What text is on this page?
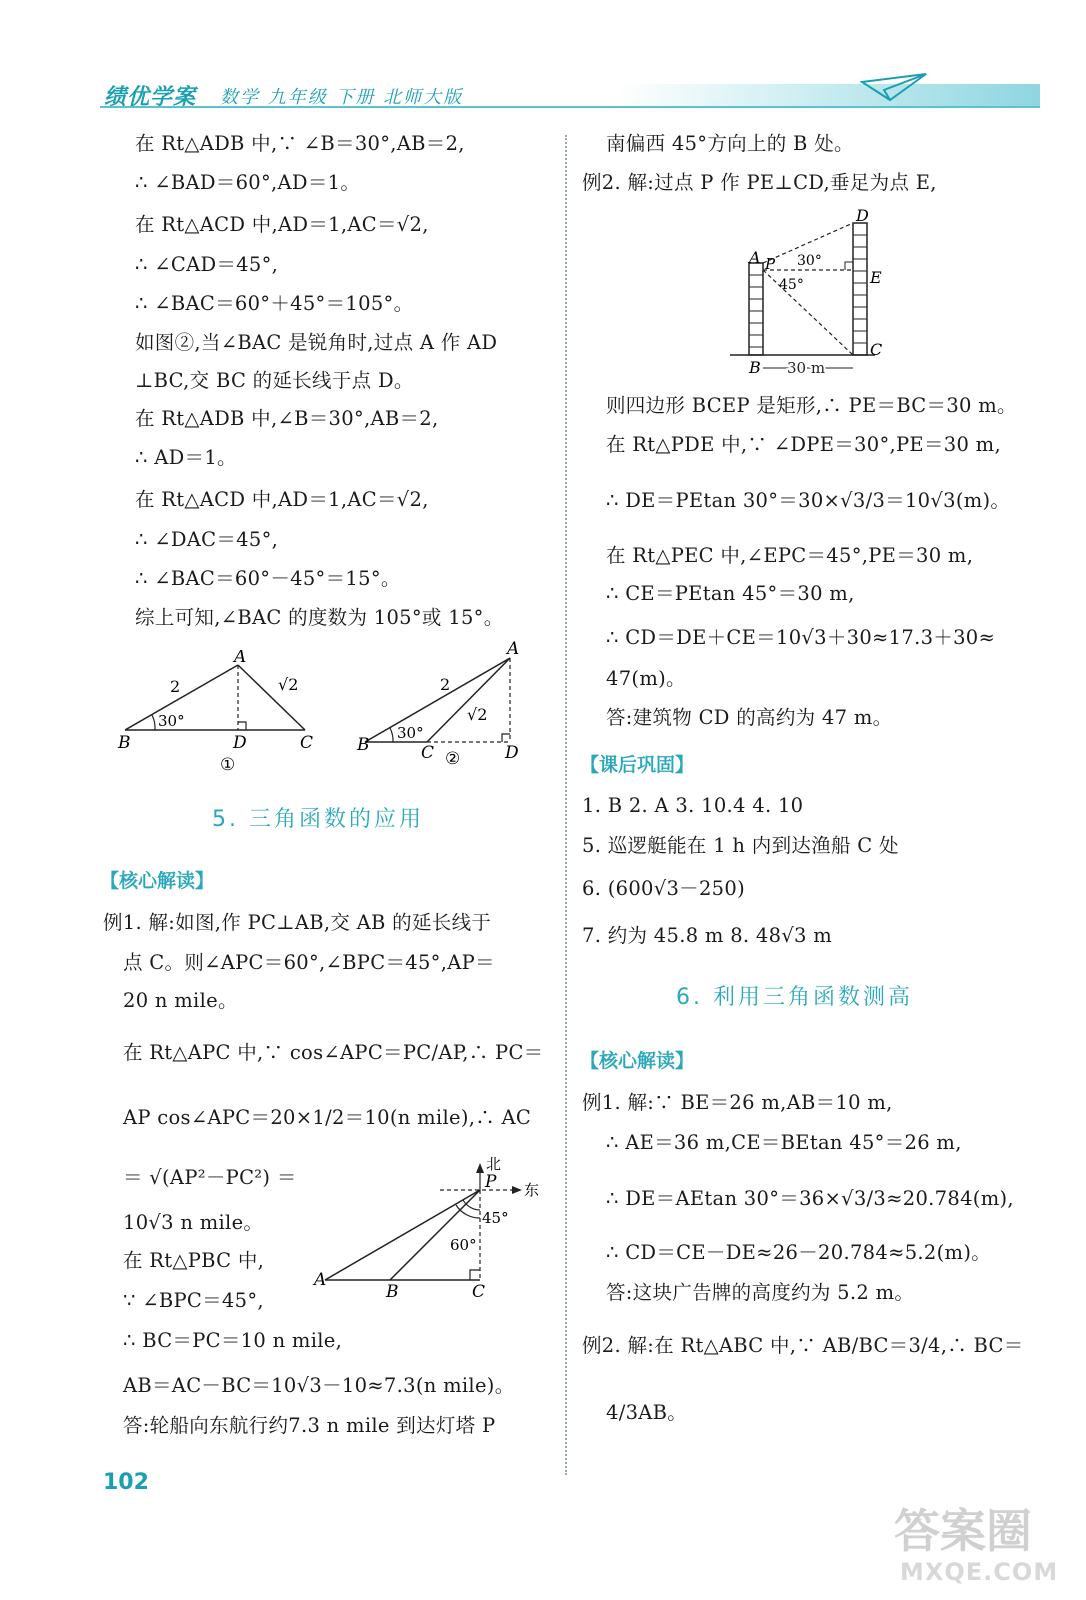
绩优学案 数学 九年级 下册 北师大版
在 Rt△ADB 中,∵ ∠B＝30°,AB＝2,
∴ ∠BAD＝60°,AD＝1。
在 Rt△ACD 中,AD＝1,AC＝√2,
∴ ∠CAD＝45°,
∴ ∠BAC＝60°＋45°＝105°。
如图②,当∠BAC 是锐角时,过点 A 作 AD
⊥BC,交 BC 的延长线于点 D。
在 Rt△ADB 中,∠B＝30°,AB＝2,
∴ AD＝1。
在 Rt△ACD 中,AD＝1,AC＝√2,
∴ ∠DAC＝45°,
∴ ∠BAC＝60°－45°＝15°。
综上可知,∠BAC 的度数为 105°或 15°。
A
B	C
D
2	√2
30°
①
A
B	C	D
2
√2
30°
②
5. 三角函数的应用
【核心解读】
例1. 解:如图,作 PC⊥AB,交 AB 的延长线于
点 C。则∠APC＝60°,∠BPC＝45°,AP＝
20 n mile。
在 Rt△APC 中,∵ cos∠APC＝PC/AP,∴ PC＝
AP cos∠APC＝20×1/2＝10(n mile),∴ AC
＝ √(AP²－PC²) ＝
10√3 n mile。
在 Rt△PBC 中,
∵ ∠BPC＝45°,
∴ BC＝PC＝10 n mile,
AB＝AC－BC＝10√3－10≈7.3(n mile)。
答:轮船向东航行约7.3 n mile 到达灯塔 P
北
东
P
A
B	C
60°
45°
南偏西 45°方向上的 B 处。
例2. 解:过点 P 作 PE⊥CD,垂足为点 E,
A P
D
E
C
B
30°
45°
30 m
则四边形 BCEP 是矩形,∴ PE＝BC＝30 m。
在 Rt△PDE 中,∵ ∠DPE＝30°,PE＝30 m,
∴ DE＝PEtan 30°＝30×√3/3＝10√3(m)。
在 Rt△PEC 中,∠EPC＝45°,PE＝30 m,
∴ CE＝PEtan 45°＝30 m,
∴ CD＝DE＋CE＝10√3＋30≈17.3＋30≈
47(m)。
答:建筑物 CD 的高约为 47 m。
【课后巩固】
1. B 2. A 3. 10.4 4. 10
5. 巡逻艇能在 1 h 内到达渔船 C 处
6. (600√3－250)
7. 约为 45.8 m 8. 48√3 m
6. 利用三角函数测高
【核心解读】
例1. 解:∵ BE＝26 m,AB＝10 m,
∴ AE＝36 m,CE＝BEtan 45°＝26 m,
∴ DE＝AEtan 30°＝36×√3/3≈20.784(m),
∴ CD＝CE－DE≈26－20.784≈5.2(m)。
答:这块广告牌的高度约为 5.2 m。
例2. 解:在 Rt△ABC 中,∵ AB/BC＝3/4,∴ BC＝
4/3AB。
102
答案圈
MXQE.COM
